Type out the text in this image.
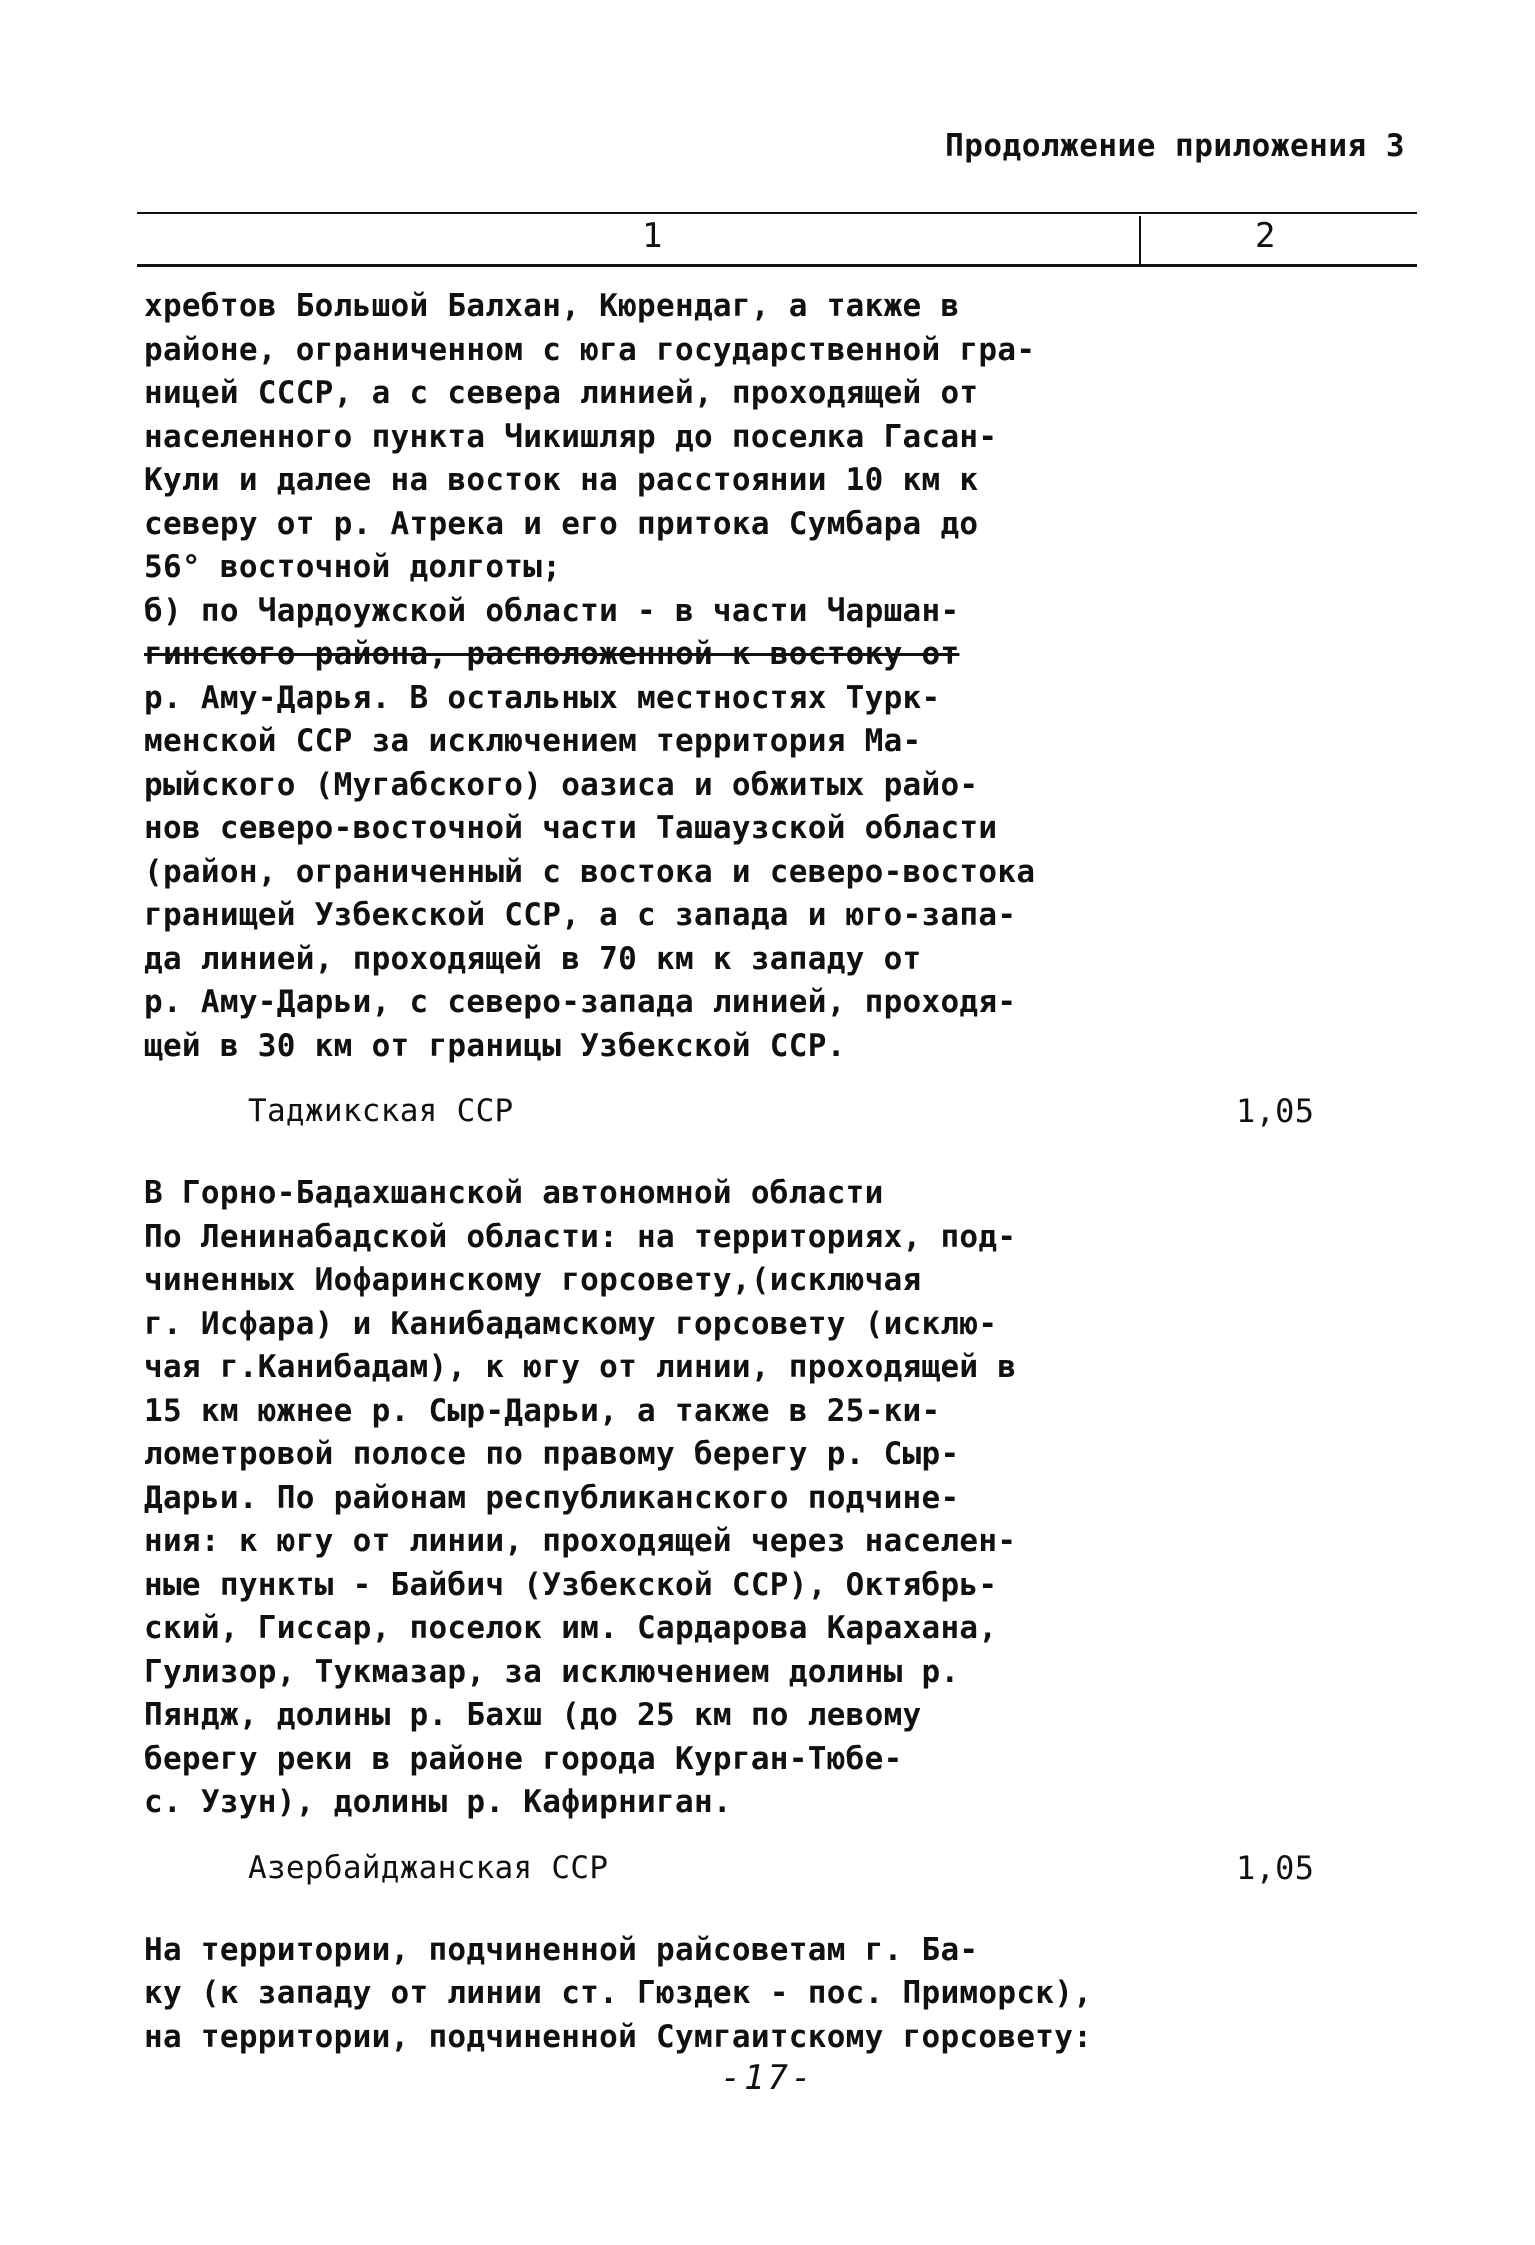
Продолжение приложения 3
1	2

хребтов Большой Балхан, Кюрендаг, а также в
районе, ограниченном с юга государственной гра-
ницей СССР, а с севера линией, проходящей от
населенного пункта Чикишляр до поселка Гасан-
Кули и далее на восток на расстоянии 10 км к
северу от р. Атрека и его притока Сумбара до
56° восточной долготы;

б) по Чардоужской области - в части Чаршан-
гинского района, расположенной к востоку от
р. Аму-Дарья. В остальных местностях Турк-
менской ССР за исключением территория Ма-
рыйского (Мугабского) оазиса и обжитых райо-
нов северо-восточной части Ташаузской области
(район, ограниченный с востока и северо-востока
гранищей Узбекской ССР, а с запада и юго-запа-
да линией, проходящей в 70 км к западу от
р. Аму-Дарьи, с северо-запада линией, проходя-
щей в 30 км от границы Узбекской ССР.

Таджикская ССР	1,05

В Горно-Бадахшанской автономной области
По Ленинабадской области: на территориях, под-
чиненных Иофаринскому горсовету,(исключая
г. Исфара) и Канибадамскому горсовету (исклю-
чая г.Канибадам), к югу от линии, проходящей в
15 км южнее р. Сыр-Дарьи, а также в 25-ки-
лометровой полосе по правому берегу р. Сыр-
Дарьи. По районам республиканского подчине-
ния: к югу от линии, проходящей через населен-
ные пункты - Байбич (Узбекской ССР), Октябрь-
ский, Гиссар, поселок им. Сардарова Карахана,
Гулизор, Тукмазар, за исключением долины р.
Пяндж, долины р. Бахш (до 25 км по левому
берегу реки в районе города Курган-Тюбе-
с. Узун), долины р. Кафирниган.

Азербайджанская ССР	1,05

На территории, подчиненной райсоветам г. Ба-
ку (к западу от линии ст. Гюздек - пос. Приморск),
на территории, подчиненной Сумгаитскому горсовету:

-17-
